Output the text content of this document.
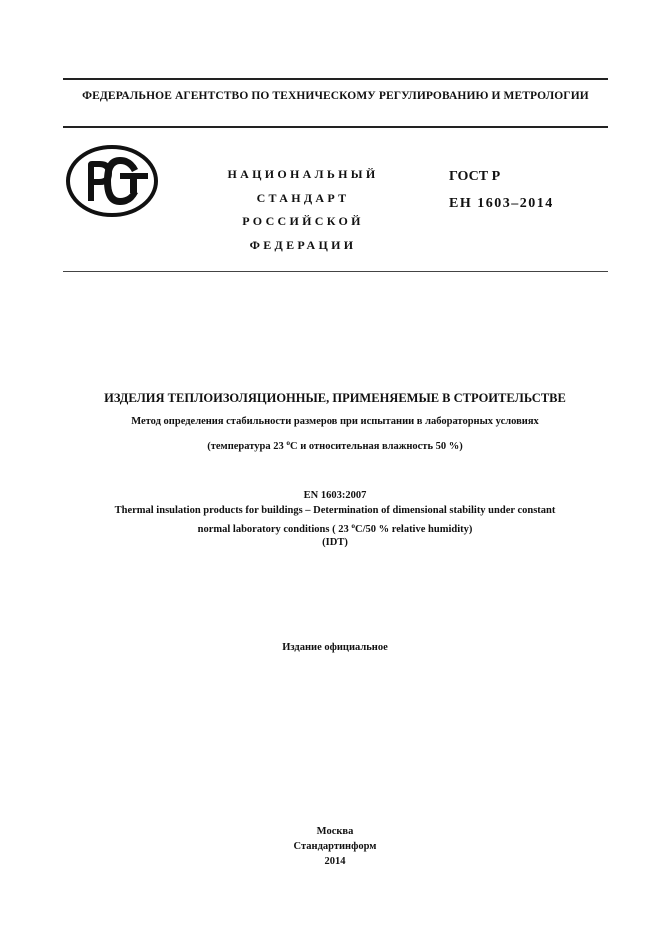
ФЕДЕРАЛЬНОЕ АГЕНТСТВО ПО ТЕХНИЧЕСКОМУ РЕГУЛИРОВАНИЮ И МЕТРОЛОГИИ
НАЦИОНАЛЬНЫЙ
СТАНДАРТ
РОССИЙСКОЙ
ФЕДЕРАЦИИ
ГОСТ Р
ЕН 1603–2014
ИЗДЕЛИЯ ТЕПЛОИЗОЛЯЦИОННЫЕ, ПРИМЕНЯЕМЫЕ В СТРОИТЕЛЬСТВЕ
Метод определения стабильности размеров при испытании в лабораторных условиях
(температура 23 $^о$С и относительная влажность 50 %)
EN 1603:2007
Thermal insulation products for buildings – Determination of dimensional stability under constant
normal laboratory conditions ( 23 $^o$C/50 % relative humidity)
(IDT)
Издание официальное
Москва
Стандартинформ
2014
